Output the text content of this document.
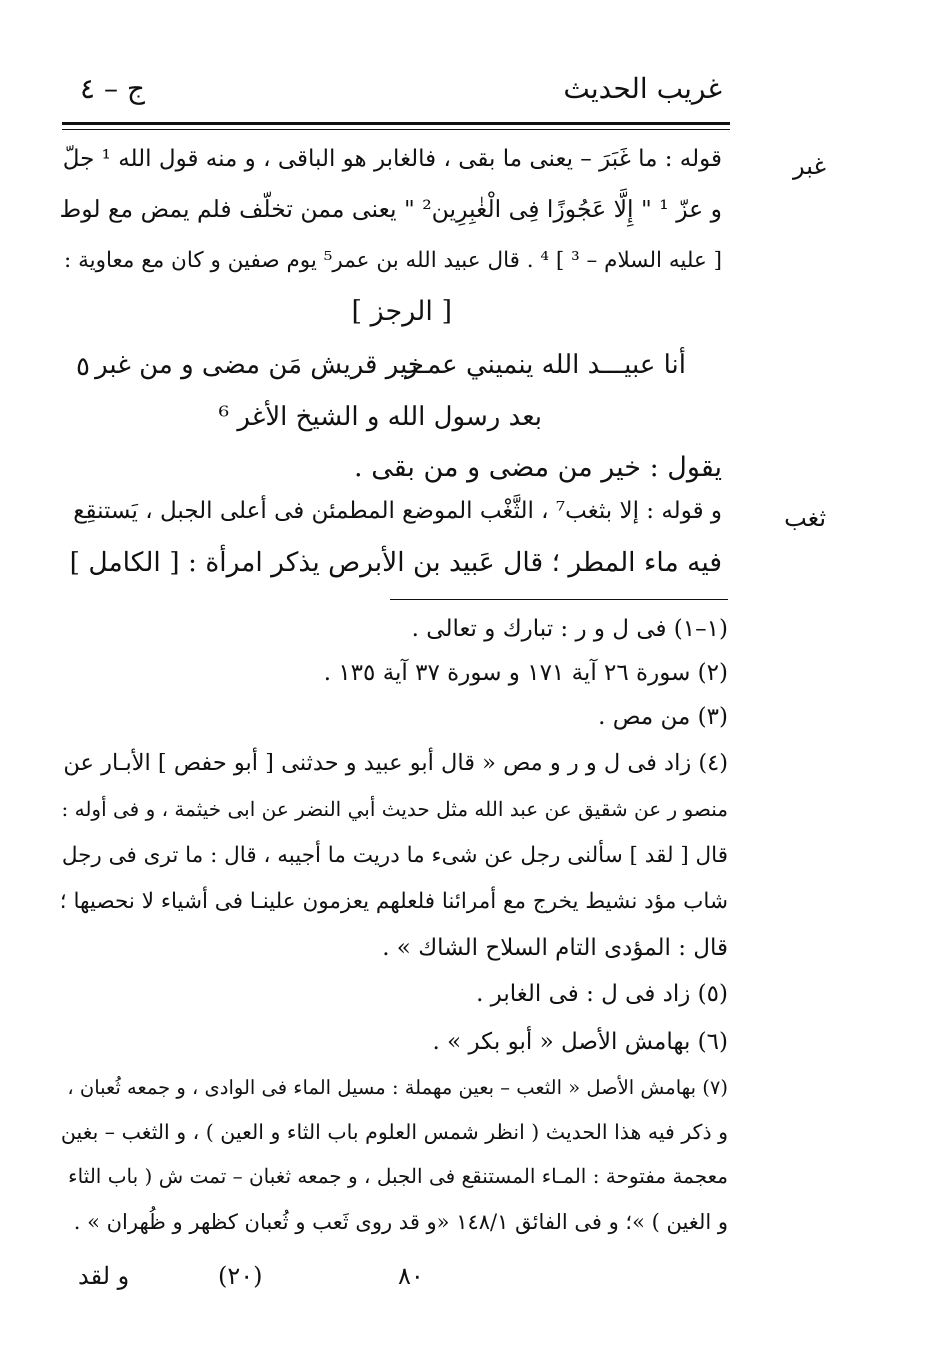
غريب الحديث
ج – ٤
غبر
قوله : ما غَبَرَ – يعنى ما بقى ، فالغابر هو الباقى ، و منه قول الله ¹ جلّ
و عزّ ¹ " إِلَّا عَجُوزًا فِى الْغٰبِرِين² " يعنى ممن تخلّف فلم يمض مع لوط
[ عليه السلام – ³ ] ⁴ . قال عبيد الله بن عمر⁵ يوم صفين و كان مع معاوية :
[ الرجز ]
٥	أنا عبيـــد الله ينميني عمـر
خير قريش مَن مضى و من غبر
بعد رسول الله و الشيخ الأغر ⁶
يقول : خير من مضى و من بقى .
ثغب
و قوله : إلا بثغب⁷ ، الثَّغْب الموضع المطمئن فى أعلى الجبل ، يَستنقِع
فيه ماء المطر ؛ قال عَبيد بن الأبرص يذكر امرأة : [ الكامل ]
(١–١) فى ل و ر : تبارك و تعالى .
(٢) سورة ٢٦ آية ١٧١ و سورة ٣٧ آية ١٣٥ .
(٣) من مص .
(٤) زاد فى ل و ر و مص « قال أبو عبيد و حدثنى [ أبو حفص ] الأبـار عن
منصو ر عن شقيق عن عبد الله مثل حديث أبي النضر عن ابى خيثمة ، و فى أوله :
قال [ لقد ] سألنى رجل عن شىء ما دريت ما أجيبه ، قال : ما ترى فى رجل
شاب مؤد نشيط يخرج مع أمرائنا فلعلهم يعزمون علينـا فى أشياء لا نحصيها ؛
قال : المؤدى التام السلاح الشاك » .
(٥) زاد فى ل : فى الغابر .
(٦) بهامش الأصل « أبو بكر » .
(٧) بهامش الأصل « الثعب – بعين مهملة : مسيل الماء فى الوادى ، و جمعه ثُعبان ،
و ذكر فيه هذا الحديث ( انظر شمس العلوم باب الثاء و العين ) ، و الثغب – بغين
معجمة مفتوحة : المـاء المستنقع فى الجبل ، و جمعه ثغبان – تمت ش ( باب الثاء
و الغين ) »؛ و فى الفائق ١٤٨/١ «و قد روى ثَعب و ثُعبان كظهر و ظُهران » .
٨٠
(٢٠)
و لقد
